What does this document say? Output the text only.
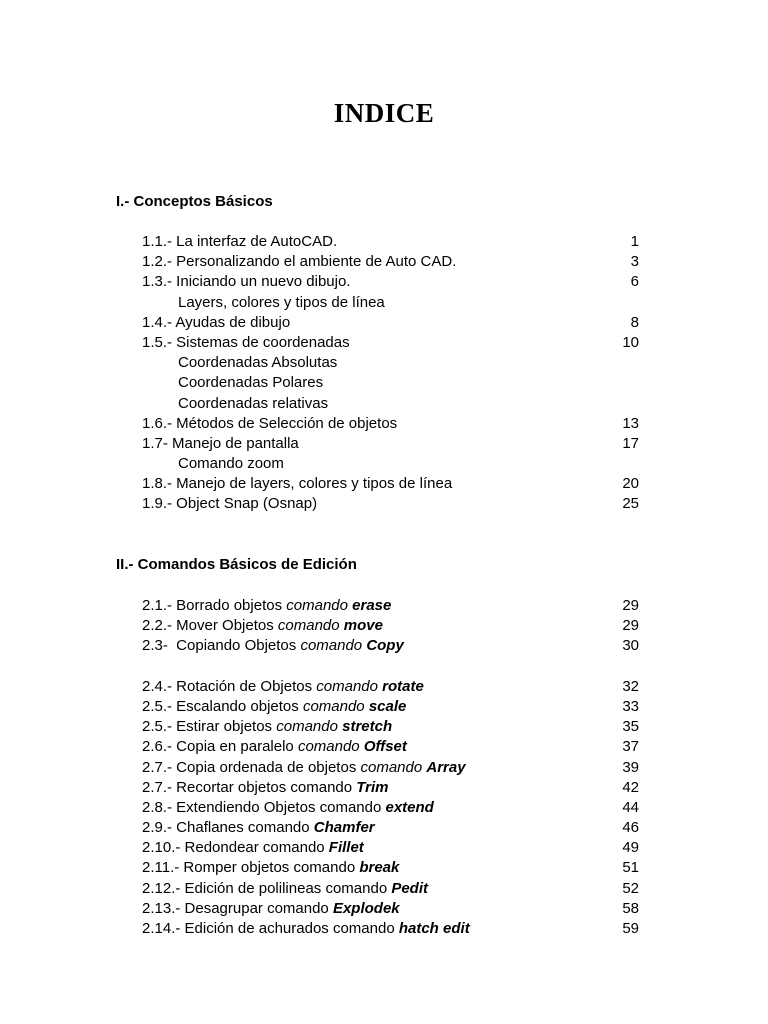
INDICE
I.- Conceptos Básicos
1.1.- La interfaz de AutoCAD.	1
1.2.- Personalizando el ambiente de Auto CAD.	3
1.3.- Iniciando un nuevo dibujo.	6
Layers, colores y tipos de línea
1.4.- Ayudas de dibujo	8
1.5.- Sistemas de coordenadas	10
Coordenadas Absolutas
Coordenadas Polares
Coordenadas relativas
1.6.- Métodos de Selección de objetos	13
1.7- Manejo de pantalla	17
Comando zoom
1.8.- Manejo de layers, colores y tipos de línea	20
1.9.- Object Snap (Osnap)	25
II.- Comandos Básicos de Edición
2.1.- Borrado objetos comando erase	29
2.2.- Mover Objetos comando move	29
2.3-  Copiando Objetos comando Copy	30
2.4.- Rotación de Objetos comando rotate	32
2.5.- Escalando objetos comando scale	33
2.5.- Estirar objetos comando stretch	35
2.6.- Copia en paralelo comando Offset	37
2.7.- Copia ordenada de objetos comando Array	39
2.7.- Recortar objetos comando Trim	42
2.8.- Extendiendo Objetos comando extend	44
2.9.- Chaflanes comando Chamfer	46
2.10.- Redondear comando Fillet	49
2.11.- Romper objetos comando break	51
2.12.- Edición de polilineas comando Pedit	52
2.13.- Desagrupar comando Explodek	58
2.14.- Edición de achurados comando hatch edit	59
